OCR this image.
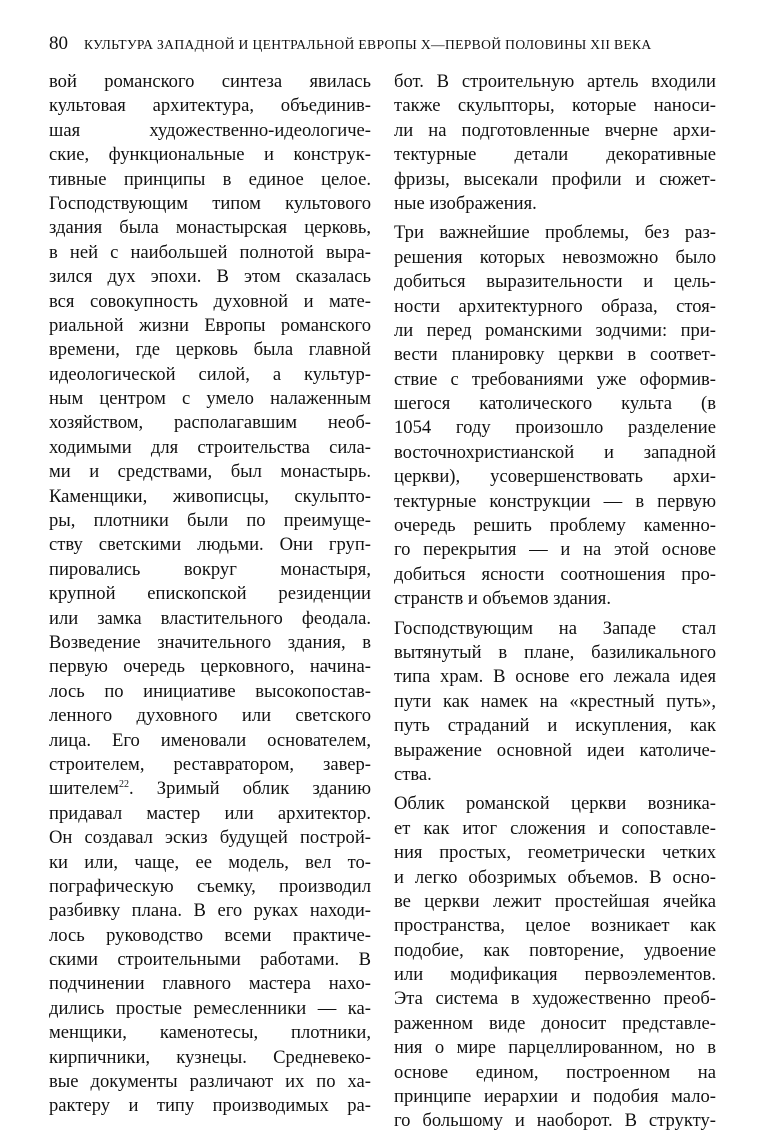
80 КУЛЬТУРА ЗАПАДНОЙ И ЦЕНТРАЛЬНОЙ ЕВРОПЫ X—ПЕРВОЙ ПОЛОВИНЫ XII ВЕКА
вой романского синтеза явилась
культовая архитектура, объединив-
шая художественно-идеологиче-
ские, функциональные и конструк-
тивные принципы в единое целое.
Господствующим типом культового
здания была монастырская церковь,
в ней с наибольшей полнотой выра-
зился дух эпохи. В этом сказалась
вся совокупность духовной и мате-
риальной жизни Европы романского
времени, где церковь была главной
идеологической силой, а культур-
ным центром с умело налаженным
хозяйством, располагавшим необ-
ходимыми для строительства сила-
ми и средствами, был монастырь.
Каменщики, живописцы, скульпто-
ры, плотники были по преимуще-
ству светскими людьми. Они груп-
пировались вокруг монастыря,
крупной епископской резиденции
или замка властительного феодала.
Возведение значительного здания, в
первую очередь церковного, начина-
лось по инициативе высокопостав-
ленного духовного или светского
лица. Его именовали основателем,
строителем, реставратором, завер-
шителем$^{22}$. Зримый облик зданию
придавал мастер или архитектор.
Он создавал эскиз будущей построй-
ки или, чаще, ее модель, вел то-
пографическую съемку, производил
разбивку плана. В его руках находи-
лось руководство всеми практиче-
скими строительными работами. В
подчинении главного мастера нахо-
дились простые ремесленники — ка-
менщики, каменотесы, плотники,
кирпичники, кузнецы. Средневеко-
вые документы различают их по ха-
рактеру и типу производимых ра-
бот. В строительную артель входили
также скульпторы, которые наноси-
ли на подготовленные вчерне архи-
тектурные детали декоративные
фризы, высекали профили и сюжет-
ные изображения.
Три важнейшие проблемы, без раз-
решения которых невозможно было
добиться выразительности и цель-
ности архитектурного образа, стоя-
ли перед романскими зодчими: при-
вести планировку церкви в соответ-
ствие с требованиями уже оформив-
шегося католического культа (в
1054 году произошло разделение
восточнохристианской и западной
церкви), усовершенствовать архи-
тектурные конструкции — в первую
очередь решить проблему каменно-
го перекрытия — и на этой основе
добиться ясности соотношения про-
странств и объемов здания.
Господствующим на Западе стал
вытянутый в плане, базиликального
типа храм. В основе его лежала идея
пути как намек на «крестный путь»,
путь страданий и искупления, как
выражение основной идеи католиче-
ства.
Облик романской церкви возника-
ет как итог сложения и сопоставле-
ния простых, геометрически четких
и легко обозримых объемов. В осно-
ве церкви лежит простейшая ячейка
пространства, целое возникает как
подобие, как повторение, удвоение
или модификация первоэлементов.
Эта система в художественно преоб-
раженном виде доносит представле-
ния о мире парцеллированном, но в
основе едином, построенном на
принципе иерархии и подобия мало-
го большому и наоборот. В структу-
